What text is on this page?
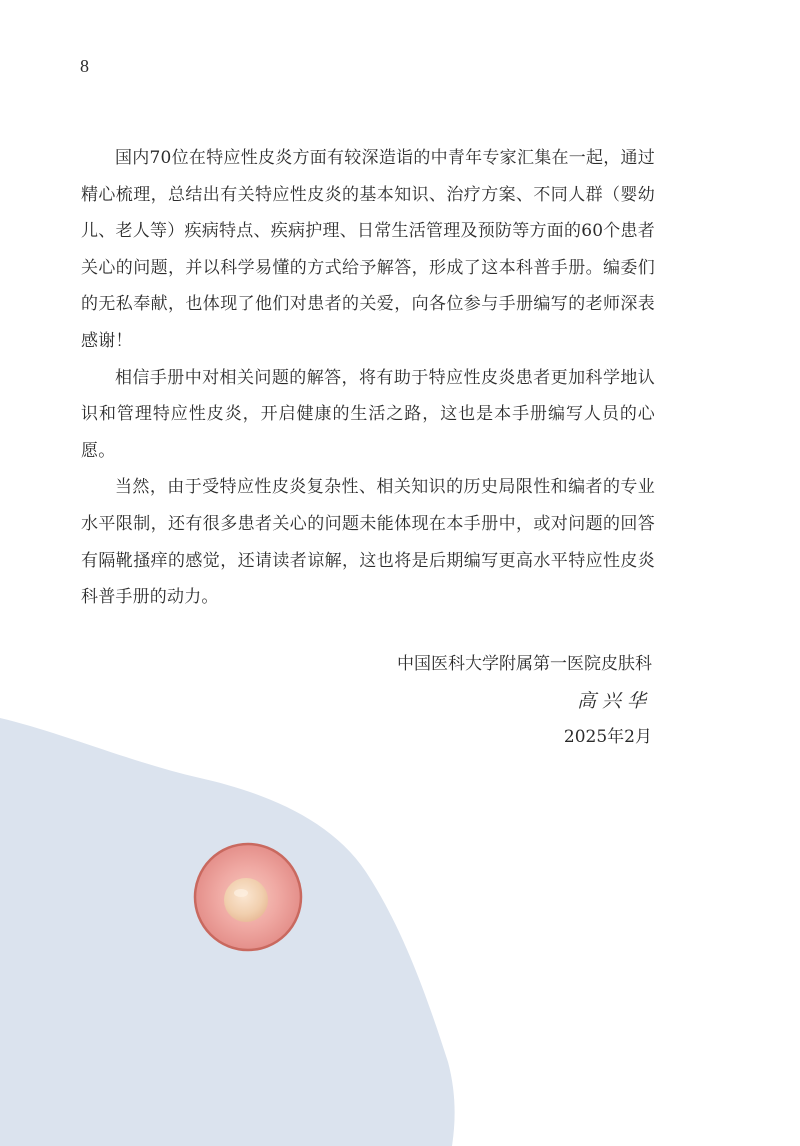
8

国内70位在特应性皮炎方面有较深造诣的中青年专家汇集在一起，通过精心梳理，总结出有关特应性皮炎的基本知识、治疗方案、不同人群（婴幼儿、老人等）疾病特点、疾病护理、日常生活管理及预防等方面的60个患者关心的问题，并以科学易懂的方式给予解答，形成了这本科普手册。编委们的无私奉献，也体现了他们对患者的关爱，向各位参与手册编写的老师深表感谢！

相信手册中对相关问题的解答，将有助于特应性皮炎患者更加科学地认识和管理特应性皮炎，开启健康的生活之路，这也是本手册编写人员的心愿。

当然，由于受特应性皮炎复杂性、相关知识的历史局限性和编者的专业水平限制，还有很多患者关心的问题未能体现在本手册中，或对问题的回答有隔靴搔痒的感觉，还请读者谅解，这也将是后期编写更高水平特应性皮炎科普手册的动力。

中国医科大学附属第一医院皮肤科
高兴华
2025年2月
